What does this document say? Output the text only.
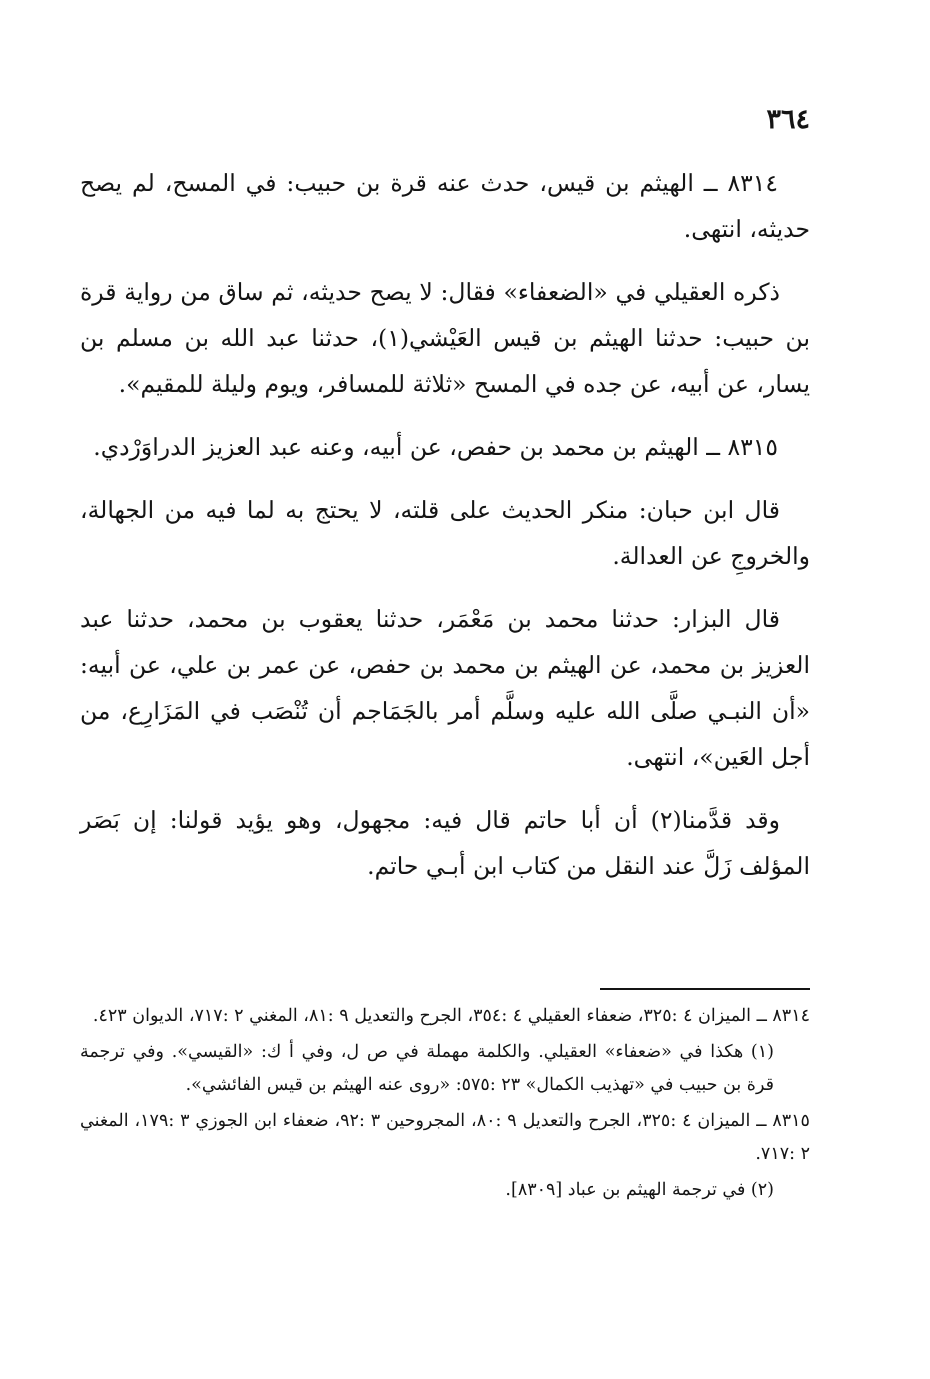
٣٦٤

٨٣١٤ ــ الهيثم بن قيس، حدث عنه قرة بن حبيب: في المسح، لم يصح حديثه، انتهى.

ذكره العقيلي في «الضعفاء» فقال: لا يصح حديثه، ثم ساق من رواية قرة بن حبيب: حدثنا الهيثم بن قيس العَيْشي(١)، حدثنا عبد الله بن مسلم بن يسار، عن أبيه، عن جده في المسح «ثلاثة للمسافر، ويوم وليلة للمقيم».

٨٣١٥ ــ الهيثم بن محمد بن حفص، عن أبيه، وعنه عبد العزيز الدراوَرْدي.

قال ابن حبان: منكر الحديث على قلته، لا يحتج به لما فيه من الجهالة، والخروجِ عن العدالة.

قال البزار: حدثنا محمد بن مَعْمَر، حدثنا يعقوب بن محمد، حدثنا عبد العزيز بن محمد، عن الهيثم بن محمد بن حفص، عن عمر بن علي، عن أبيه: «أن النبـي صلَّى الله عليه وسلَّم أمر بالجَمَاجم أن تُنْصَب في المَزَارِع، من أجل العَين»، انتهى.

وقد قدَّمنا(٢) أن أبا حاتم قال فيه: مجهول، وهو يؤيد قولنا: إن بَصَر المؤلف زَلَّ عند النقل من كتاب ابن أبـي حاتم.

٨٣١٤ ــ الميزان ٤ :٣٢٥، ضعفاء العقيلي ٤ :٣٥٤، الجرح والتعديل ٩ :٨١، المغني ٢ :٧١٧، الديوان ٤٢٣.

(١) هكذا في «ضعفاء» العقيلي. والكلمة مهملة في ص ل، وفي أ ك: «القيسي». وفي ترجمة قرة بن حبيب في «تهذيب الكمال» ٢٣ :٥٧٥: «روى عنه الهيثم بن قيس الفائشي».

٨٣١٥ ــ الميزان ٤ :٣٢٥، الجرح والتعديل ٩ :٨٠، المجروحين ٣ :٩٢، ضعفاء ابن الجوزي ٣ :١٧٩، المغني ٢ :٧١٧.

(٢) في ترجمة الهيثم بن عباد [٨٣٠٩].
